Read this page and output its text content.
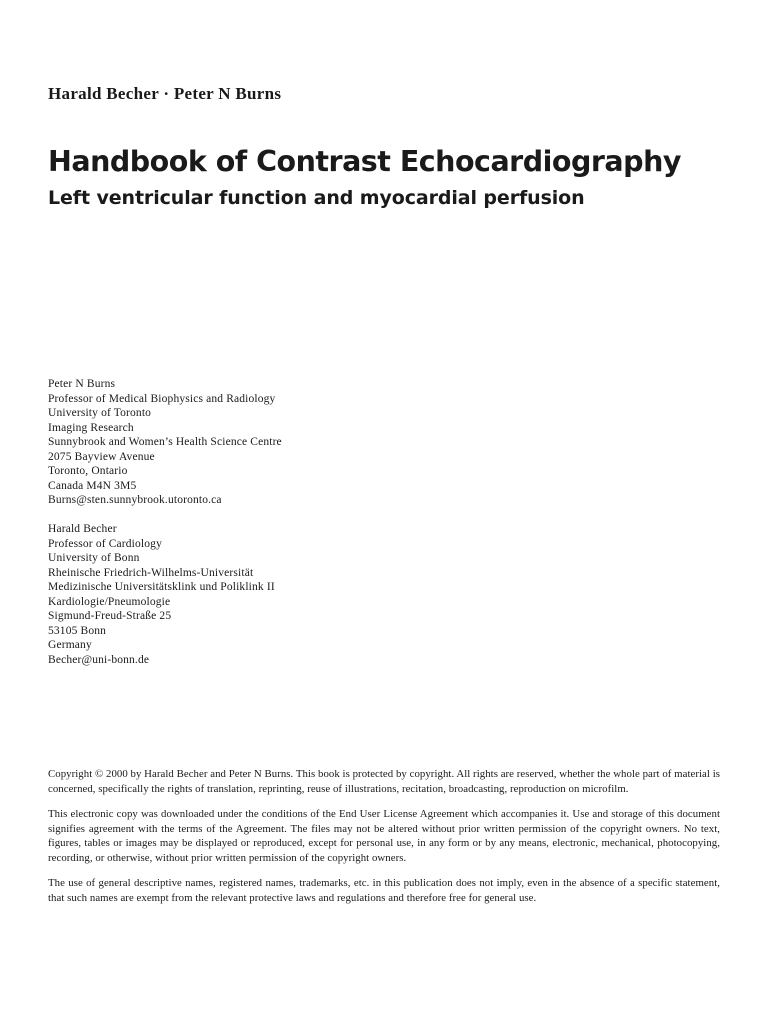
Harald Becher · Peter N Burns
Handbook of Contrast Echocardiography
Left ventricular function and myocardial perfusion
Peter N Burns
Professor of Medical Biophysics and Radiology
University of Toronto
Imaging Research
Sunnybrook and Women’s Health Science Centre
2075 Bayview Avenue
Toronto, Ontario
Canada M4N 3M5
Burns@sten.sunnybrook.utoronto.ca
Harald Becher
Professor of Cardiology
University of Bonn
Rheinische Friedrich-Wilhelms-Universität
Medizinische Universitätsklink und Poliklink II
Kardiologie/Pneumologie
Sigmund-Freud-Straße 25
53105 Bonn
Germany
Becher@uni-bonn.de

Copyright © 2000 by Harald Becher and Peter N Burns. This book is protected by copyright. All rights are reserved, whether the whole part of material is concerned, specifically the rights of translation, reprinting, reuse of illustrations, recitation, broadcasting, reproduction on microfilm.

This electronic copy was downloaded under the conditions of the End User License Agreement which accompanies it. Use and storage of this document signifies agreement with the terms of the Agreement. The files may not be altered without prior written permission of the copyright owners. No text, figures, tables or images may be displayed or reproduced, except for personal use, in any form or by any means, electronic, mechanical, photocopying, recording, or otherwise, without prior written permission of the copyright owners.

The use of general descriptive names, registered names, trademarks, etc. in this publication does not imply, even in the absence of a specific statement, that such names are exempt from the relevant protective laws and regulations and therefore free for general use.
